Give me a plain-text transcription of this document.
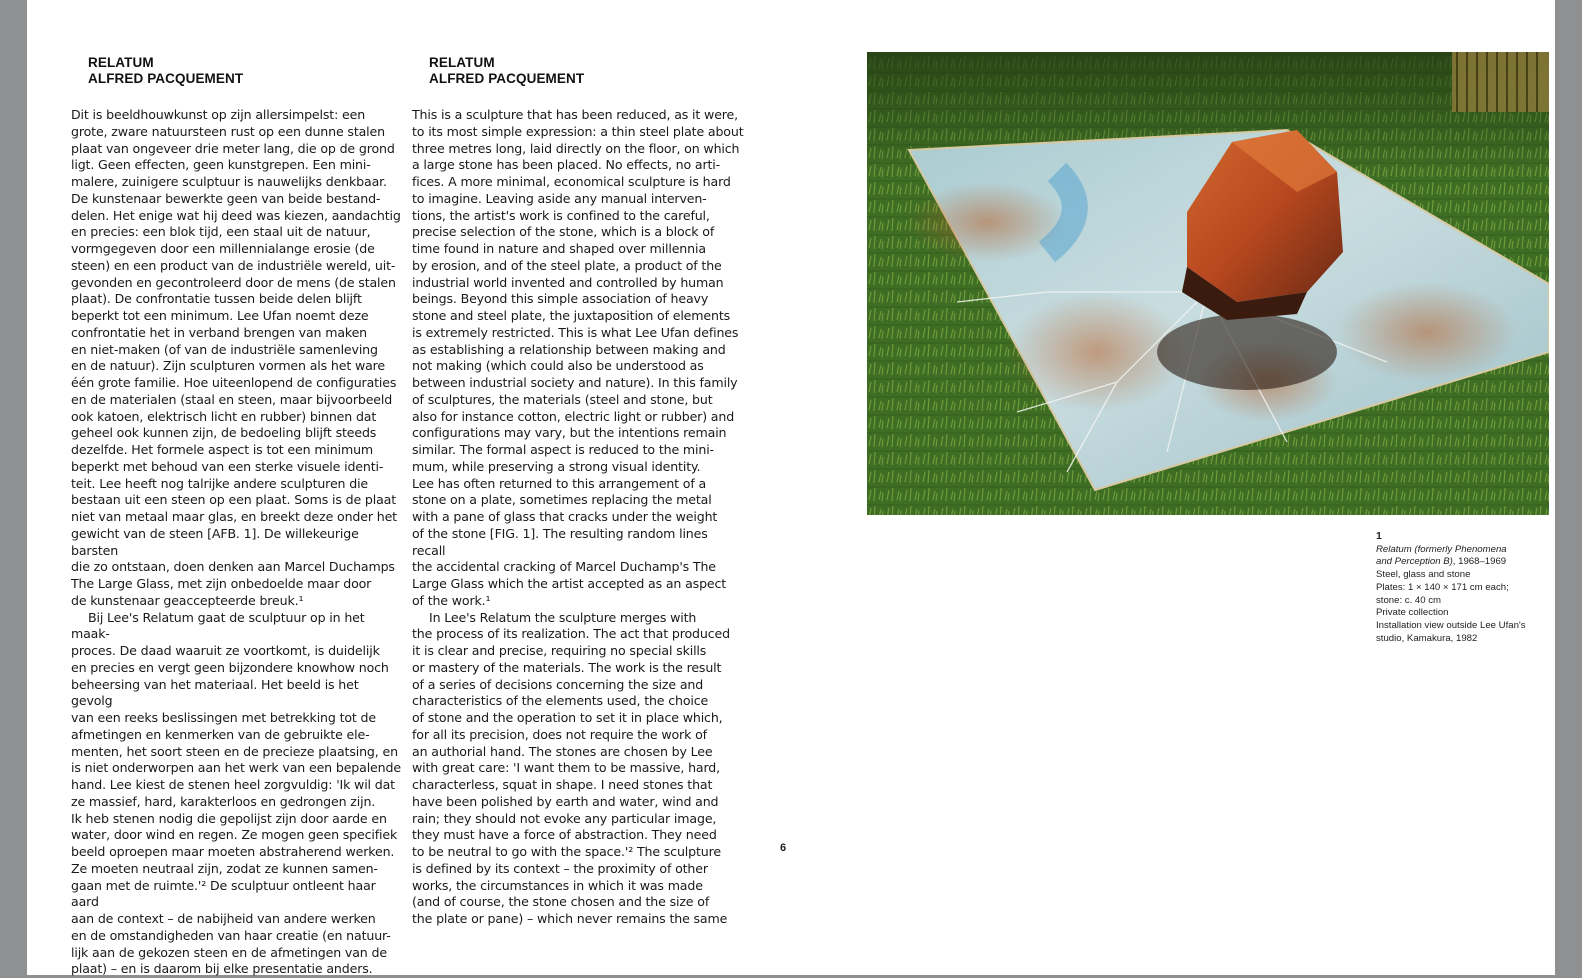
RELATUM
ALFRED PACQUEMENT

Dit is beeldhouwkunst op zijn allersimpelst: een
grote, zware natuursteen rust op een dunne stalen
plaat van ongeveer drie meter lang, die op de grond
ligt. Geen effecten, geen kunstgrepen. Een mini-
malere, zuinigere sculptuur is nauwelijks denkbaar.
De kunstenaar bewerkte geen van beide bestand-
delen. Het enige wat hij deed was kiezen, aandachtig
en precies: een blok tijd, een staal uit de natuur,
vormgegeven door een millennialange erosie (de
steen) en een product van de industriële wereld, uit-
gevonden en gecontroleerd door de mens (de stalen
plaat). De confrontatie tussen beide delen blijft
beperkt tot een minimum. Lee Ufan noemt deze
confrontatie het in verband brengen van maken
en niet-maken (of van de industriële samenleving
en de natuur). Zijn sculpturen vormen als het ware
één grote familie. Hoe uiteenlopend de configuraties
en de materialen (staal en steen, maar bijvoorbeeld
ook katoen, elektrisch licht en rubber) binnen dat
geheel ook kunnen zijn, de bedoeling blijft steeds
dezelfde. Het formele aspect is tot een minimum
beperkt met behoud van een sterke visuele identi-
teit. Lee heeft nog talrijke andere sculpturen die
bestaan uit een steen op een plaat. Soms is de plaat
niet van metaal maar glas, en breekt deze onder het
gewicht van de steen [AFB. 1]. De willekeurige barsten
die zo ontstaan, doen denken aan Marcel Duchamps
The Large Glass, met zijn onbedoelde maar door
de kunstenaar geaccepteerde breuk.¹

Bij Lee's Relatum gaat de sculptuur op in het maak-
proces. De daad waaruit ze voortkomt, is duidelijk
en precies en vergt geen bijzondere knowhow noch
beheersing van het materiaal. Het beeld is het gevolg
van een reeks beslissingen met betrekking tot de
afmetingen en kenmerken van de gebruikte ele-
menten, het soort steen en de precieze plaatsing, en
is niet onderworpen aan het werk van een bepalende
hand. Lee kiest de stenen heel zorgvuldig: 'Ik wil dat
ze massief, hard, karakterloos en gedrongen zijn.
Ik heb stenen nodig die gepolijst zijn door aarde en
water, door wind en regen. Ze mogen geen specifiek
beeld oproepen maar moeten abstraherend werken.
Ze moeten neutraal zijn, zodat ze kunnen samen-
gaan met de ruimte.'² De sculptuur ontleent haar aard
aan de context – de nabijheid van andere werken
en de omstandigheden van haar creatie (en natuur-
lijk aan de gekozen steen en de afmetingen van de
plaat) – en is daarom bij elke presentatie anders.

RELATUM
ALFRED PACQUEMENT

This is a sculpture that has been reduced, as it were,
to its most simple expression: a thin steel plate about
three metres long, laid directly on the floor, on which
a large stone has been placed. No effects, no arti-
fices. A more minimal, economical sculpture is hard
to imagine. Leaving aside any manual interven-
tions, the artist's work is confined to the careful,
precise selection of the stone, which is a block of
time found in nature and shaped over millennia
by erosion, and of the steel plate, a product of the
industrial world invented and controlled by human
beings. Beyond this simple association of heavy
stone and steel plate, the juxtaposition of elements
is extremely restricted. This is what Lee Ufan defines
as establishing a relationship between making and
not making (which could also be understood as
between industrial society and nature). In this family
of sculptures, the materials (steel and stone, but
also for instance cotton, electric light or rubber) and
configurations may vary, but the intentions remain
similar. The formal aspect is reduced to the mini-
mum, while preserving a strong visual identity.
Lee has often returned to this arrangement of a
stone on a plate, sometimes replacing the metal
with a pane of glass that cracks under the weight
of the stone [FIG. 1]. The resulting random lines recall
the accidental cracking of Marcel Duchamp's The
Large Glass which the artist accepted as an aspect
of the work.¹

In Lee's Relatum the sculpture merges with
the process of its realization. The act that produced
it is clear and precise, requiring no special skills
or mastery of the materials. The work is the result
of a series of decisions concerning the size and
characteristics of the elements used, the choice
of stone and the operation to set it in place which,
for all its precision, does not require the work of
an authorial hand. The stones are chosen by Lee
with great care: 'I want them to be massive, hard,
characterless, squat in shape. I need stones that
have been polished by earth and water, wind and
rain; they should not evoke any particular image,
they must have a force of abstraction. They need
to be neutral to go with the space.'² The sculpture
is defined by its context – the proximity of other
works, the circumstances in which it was made
(and of course, the stone chosen and the size of
the plate or pane) – which never remains the same

6
1
Relatum (formerly Phenomena
and Perception B), 1968–1969
Steel, glass and stone
Plates: 1 × 140 × 171 cm each;
stone: c. 40 cm
Private collection
Installation view outside Lee Ufan's
studio, Kamakura, 1982
